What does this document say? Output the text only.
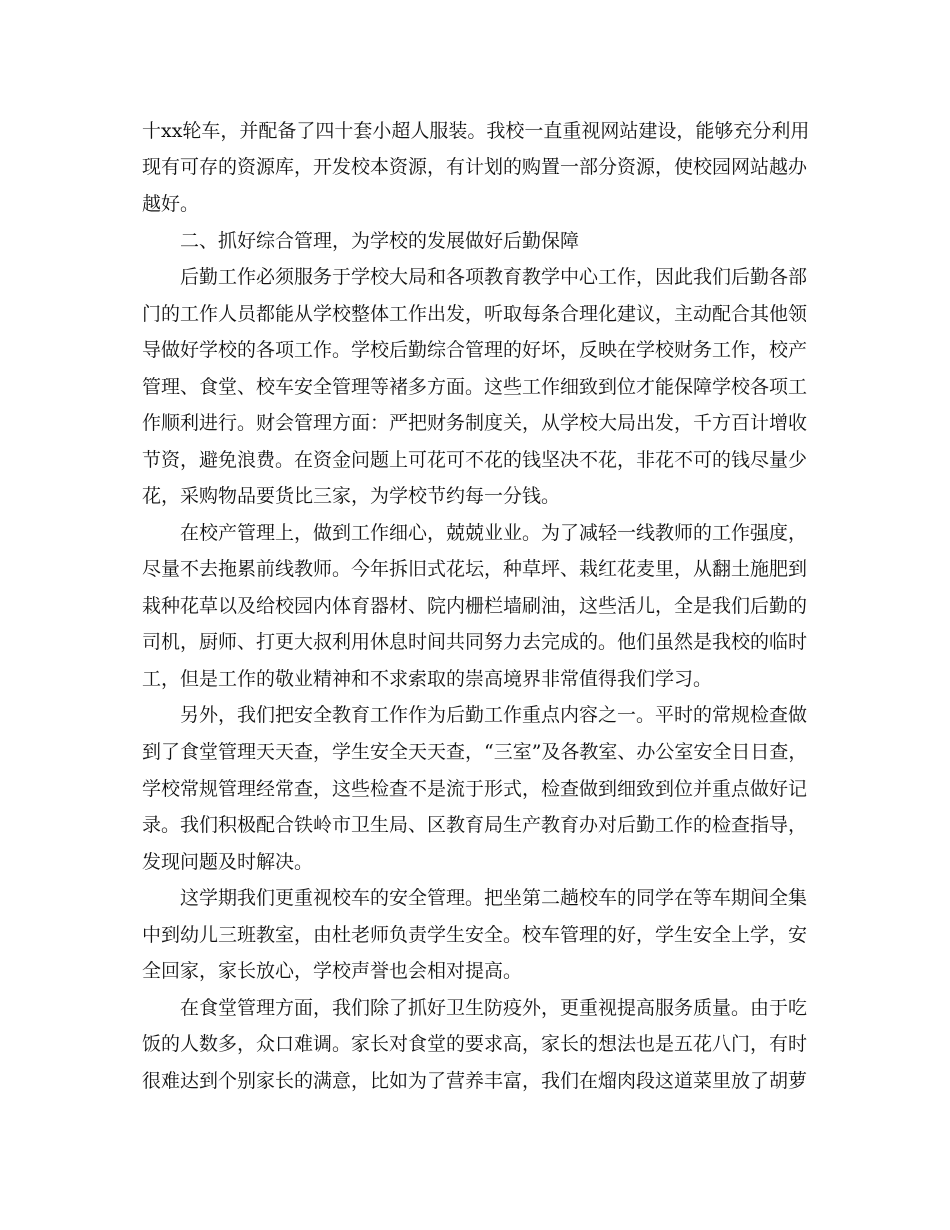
十xx轮车，并配备了四十套小超人服装。我校一直重视网站建设，能够充分利用

现有可存的资源库，开发校本资源，有计划的购置一部分资源，使校园网站越办

越好。

二、抓好综合管理，为学校的发展做好后勤保障

后勤工作必须服务于学校大局和各项教育教学中心工作，因此我们后勤各部

门的工作人员都能从学校整体工作出发，听取每条合理化建议，主动配合其他领

导做好学校的各项工作。学校后勤综合管理的好坏，反映在学校财务工作，校产

管理、食堂、校车安全管理等褚多方面。这些工作细致到位才能保障学校各项工

作顺利进行。财会管理方面：严把财务制度关，从学校大局出发，千方百计增收

节资，避免浪费。在资金问题上可花可不花的钱坚决不花，非花不可的钱尽量少

花，采购物品要货比三家，为学校节约每一分钱。

在校产管理上，做到工作细心，兢兢业业。为了减轻一线教师的工作强度，

尽量不去拖累前线教师。今年拆旧式花坛，种草坪、栽红花麦里，从翻土施肥到

栽种花草以及给校园内体育器材、院内栅栏墙刷油，这些活儿，全是我们后勤的

司机，厨师、打更大叔利用休息时间共同努力去完成的。他们虽然是我校的临时

工，但是工作的敬业精神和不求索取的崇高境界非常值得我们学习。

另外，我们把安全教育工作作为后勤工作重点内容之一。平时的常规检查做

到了食堂管理天天查，学生安全天天查，“三室”及各教室、办公室安全日日查，

学校常规管理经常查，这些检查不是流于形式，检查做到细致到位并重点做好记

录。我们积极配合铁岭市卫生局、区教育局生产教育办对后勤工作的检查指导，

发现问题及时解决。

这学期我们更重视校车的安全管理。把坐第二趟校车的同学在等车期间全集

中到幼儿三班教室，由杜老师负责学生安全。校车管理的好，学生安全上学，安

全回家，家长放心，学校声誉也会相对提高。

在食堂管理方面，我们除了抓好卫生防疫外，更重视提高服务质量。由于吃

饭的人数多，众口难调。家长对食堂的要求高，家长的想法也是五花八门，有时

很难达到个别家长的满意，比如为了营养丰富，我们在熘肉段这道菜里放了胡萝
